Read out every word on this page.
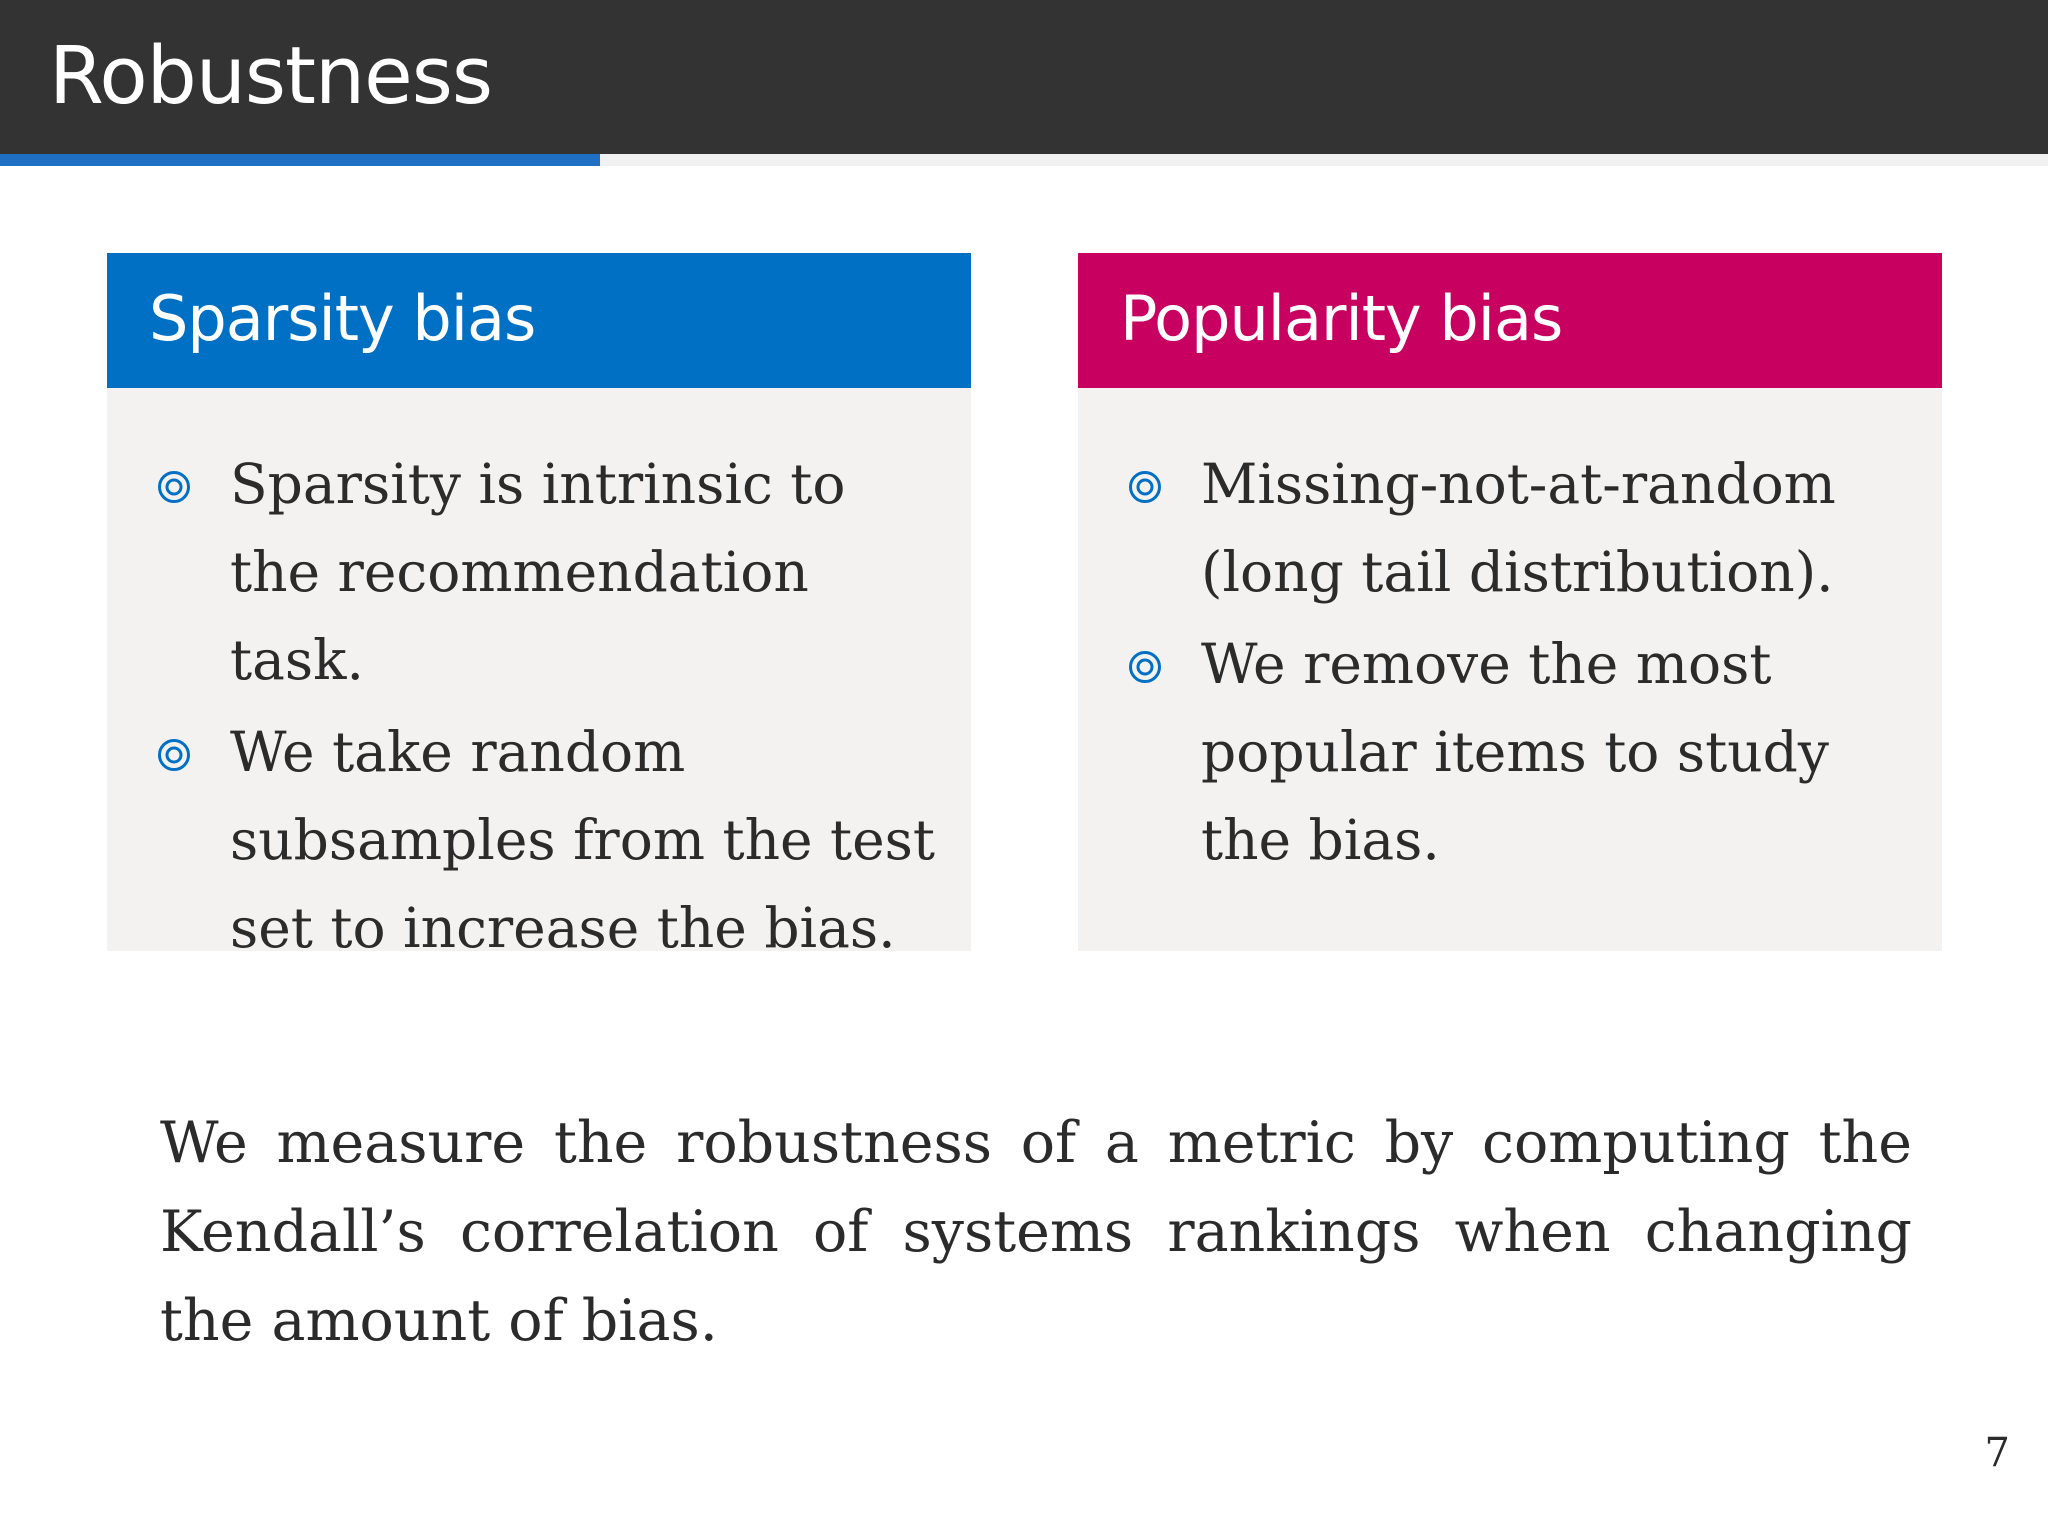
Robustness
Sparsity bias
Sparsity is intrinsic to the recommendation task.
We take random subsamples from the test set to increase the bias.
Popularity bias
Missing-not-at-random (long tail distribution).
We remove the most popular items to study the bias.

We measure the robustness of a metric by computing the Kendall’s correlation of systems rankings when changing the amount of bias.

7
